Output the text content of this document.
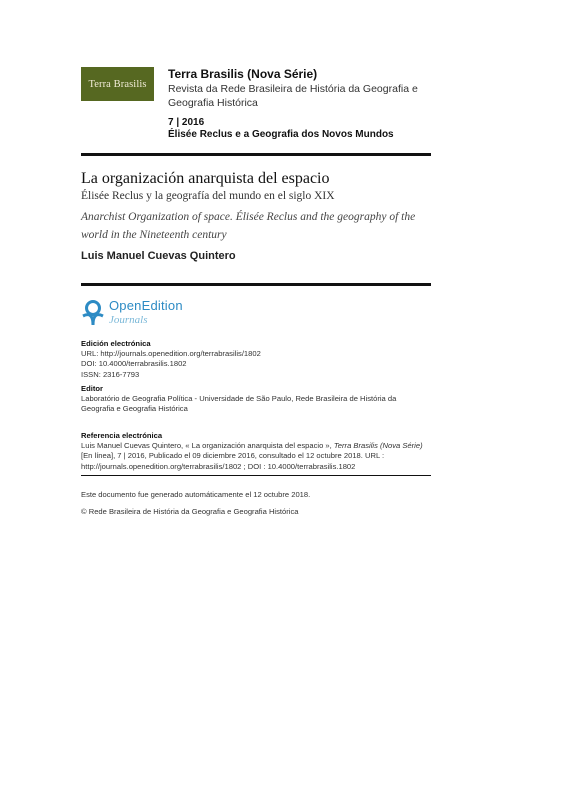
Terra Brasilis
Terra Brasilis (Nova Série)
Revista da Rede Brasileira de História da Geografia e Geografia Histórica
7 | 2016
Élisée Reclus e a Geografia dos Novos Mundos
La organización anarquista del espacio
Élisée Reclus y la geografía del mundo en el siglo XIX
Anarchist Organization of space. Élisée Reclus and the geography of the world in the Nineteenth century
Luis Manuel Cuevas Quintero
OpenEdition
Journals
Edición electrónica
URL: http://journals.openedition.org/terrabrasilis/1802
DOI: 10.4000/terrabrasilis.1802
ISSN: 2316-7793
Editor
Laboratório de Geografia Política - Universidade de São Paulo, Rede Brasileira de História da Geografia e Geografia Histórica
Referencia electrónica
Luis Manuel Cuevas Quintero, « La organización anarquista del espacio », Terra Brasilis (Nova Série) [En línea], 7 | 2016, Publicado el 09 diciembre 2016, consultado el 12 octubre 2018. URL : http://journals.openedition.org/terrabrasilis/1802 ; DOI : 10.4000/terrabrasilis.1802
Este documento fue generado automáticamente el 12 octubre 2018.
© Rede Brasileira de História da Geografia e Geografia Histórica
